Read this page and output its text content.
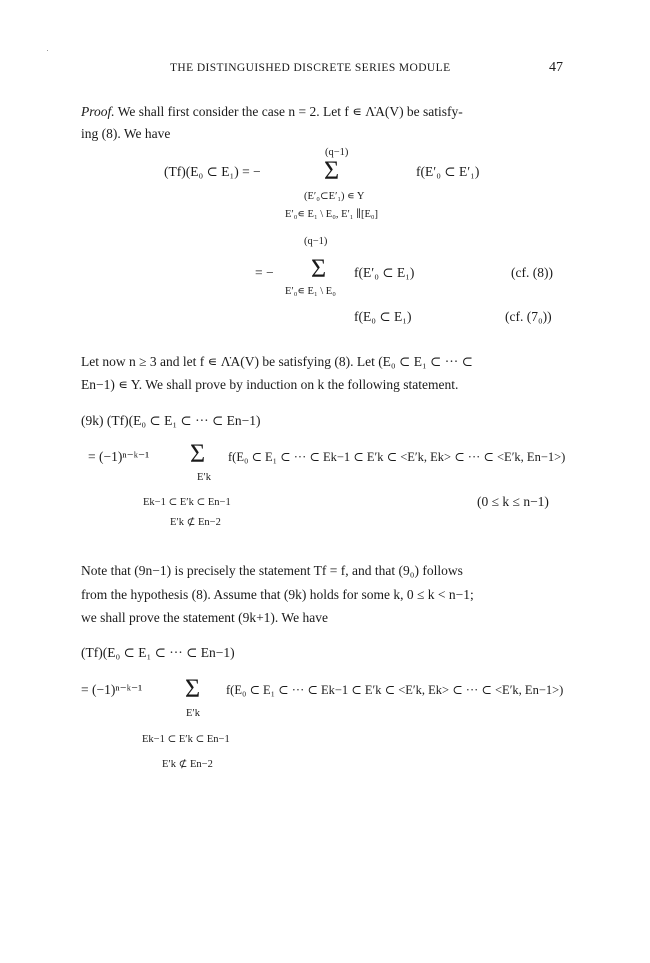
THE DISTINGUISHED DISCRETE SERIES MODULE	47
Proof. We shall first consider the case n = 2. Let f ∊ Λ̇A(V) be satisfy-
ing (8). We have
(q−1)
(Tf)(E₀ ⊂ E₁) = − Σ	f(E′₀ ⊂ E′₁)
(E′₀⊂E′₁) ∊ Y
E′₀∊ E₁ \ E₀, E′₁ ∥[E₀]
(q−1)
= − Σ f(E′₀ ⊂ E₁)	(cf. (8))
E′₀∊ E₁ \ E₀
f(E₀ ⊂ E₁)	(cf. (7₀))
Let now n ≥ 3 and let f ∊ Λ̇A(V) be satisfying (8). Let (E₀ ⊂ E₁ ⊂ ··· ⊂
En−1) ∊ Y. We shall prove by induction on k the following statement.
(9k) (Tf)(E₀ ⊂ E₁ ⊂ ··· ⊂ En−1)
= (−1)ⁿ⁻ᵏ⁻¹ Σ f(E₀ ⊂ E₁ ⊂ ··· ⊂ Ek−1 ⊂ E′k ⊂ <E′k, Ek> ⊂ ··· ⊂ <E′k, En−1>)
E′k
Ek−1 ⊂ E′k ⊂ En−1	(0 ≤ k ≤ n−1)
E′k ⊄ En−2
Note that (9n−1) is precisely the statement Tf = f, and that (9₀) follows
from the hypothesis (8). Assume that (9k) holds for some k, 0 ≤ k < n−1;
we shall prove the statement (9k+1). We have
(Tf)(E₀ ⊂ E₁ ⊂ ··· ⊂ En−1)
= (−1)ⁿ⁻ᵏ⁻¹ Σ f(E₀ ⊂ E₁ ⊂ ··· ⊂ Ek−1 ⊂ E′k ⊂ <E′k, Ek> ⊂ ··· ⊂ <E′k, En−1>)
E′k
Ek−1 ⊂ E′k ⊂ En−1
E′k ⊄ En−2
